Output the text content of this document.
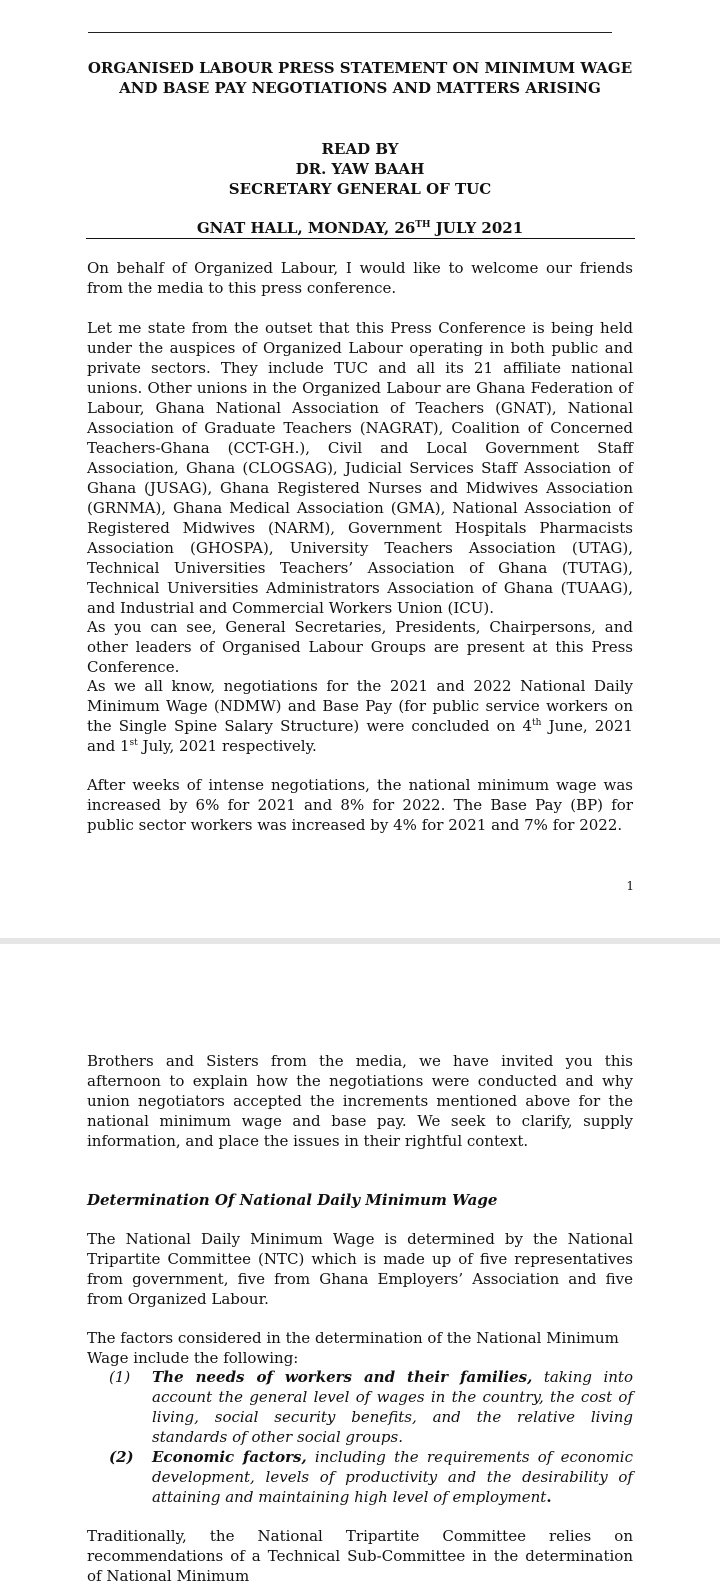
ORGANISED LABOUR PRESS STATEMENT ON MINIMUM WAGE AND BASE PAY NEGOTIATIONS AND MATTERS ARISING
READ BY
DR. YAW BAAH
SECRETARY GENERAL OF TUC
GNAT HALL, MONDAY, 26TH JULY 2021

On behalf of Organized Labour, I would like to welcome our friends from the media to this press conference.

Let me state from the outset that this Press Conference is being held under the auspices of Organized Labour operating in both public and private sectors. They include TUC and all its 21 affiliate national unions. Other unions in the Organized Labour are Ghana Federation of Labour, Ghana National Association of Teachers (GNAT), National Association of Graduate Teachers (NAGRAT), Coalition of Concerned Teachers-Ghana (CCT-GH.), Civil and Local Government Staff Association, Ghana (CLOGSAG), Judicial Services Staff Association of Ghana (JUSAG), Ghana Registered Nurses and Midwives Association (GRNMA), Ghana Medical Association (GMA), National Association of Registered Midwives (NARM), Government Hospitals Pharmacists Association (GHOSPA), University Teachers Association (UTAG), Technical Universities Teachers’ Association of Ghana (TUTAG), Technical Universities Administrators Association of Ghana (TUAAG), and Industrial and Commercial Workers Union (ICU).

As you can see, General Secretaries, Presidents, Chairpersons, and other leaders of Organised Labour Groups are present at this Press Conference.

As we all know, negotiations for the 2021 and 2022 National Daily Minimum Wage (NDMW) and Base Pay (for public service workers on the Single Spine Salary Structure) were concluded on 4th June, 2021 and 1st July, 2021 respectively.

After weeks of intense negotiations, the national minimum wage was increased by 6% for 2021 and 8% for 2022. The Base Pay (BP) for public sector workers was increased by 4% for 2021 and 7% for 2022.

1

Brothers and Sisters from the media, we have invited you this afternoon to explain how the negotiations were conducted and why union negotiators accepted the increments mentioned above for the national minimum wage and base pay. We seek to clarify, supply information, and place the issues in their rightful context.

Determination Of National Daily Minimum Wage

The National Daily Minimum Wage is determined by the National Tripartite Committee (NTC) which is made up of five representatives from government, five from Ghana Employers’ Association and five from Organized Labour.

The factors considered in the determination of the National Minimum Wage include the following:

(1) The needs of workers and their families, taking into account the general level of wages in the country, the cost of living, social security benefits, and the relative living standards of other social groups.
(2) Economic factors, including the requirements of economic development, levels of productivity and the desirability of attaining and maintaining high level of employment.

Traditionally, the National Tripartite Committee relies on recommendations of a Technical Sub-Committee in the determination of National Minimum
